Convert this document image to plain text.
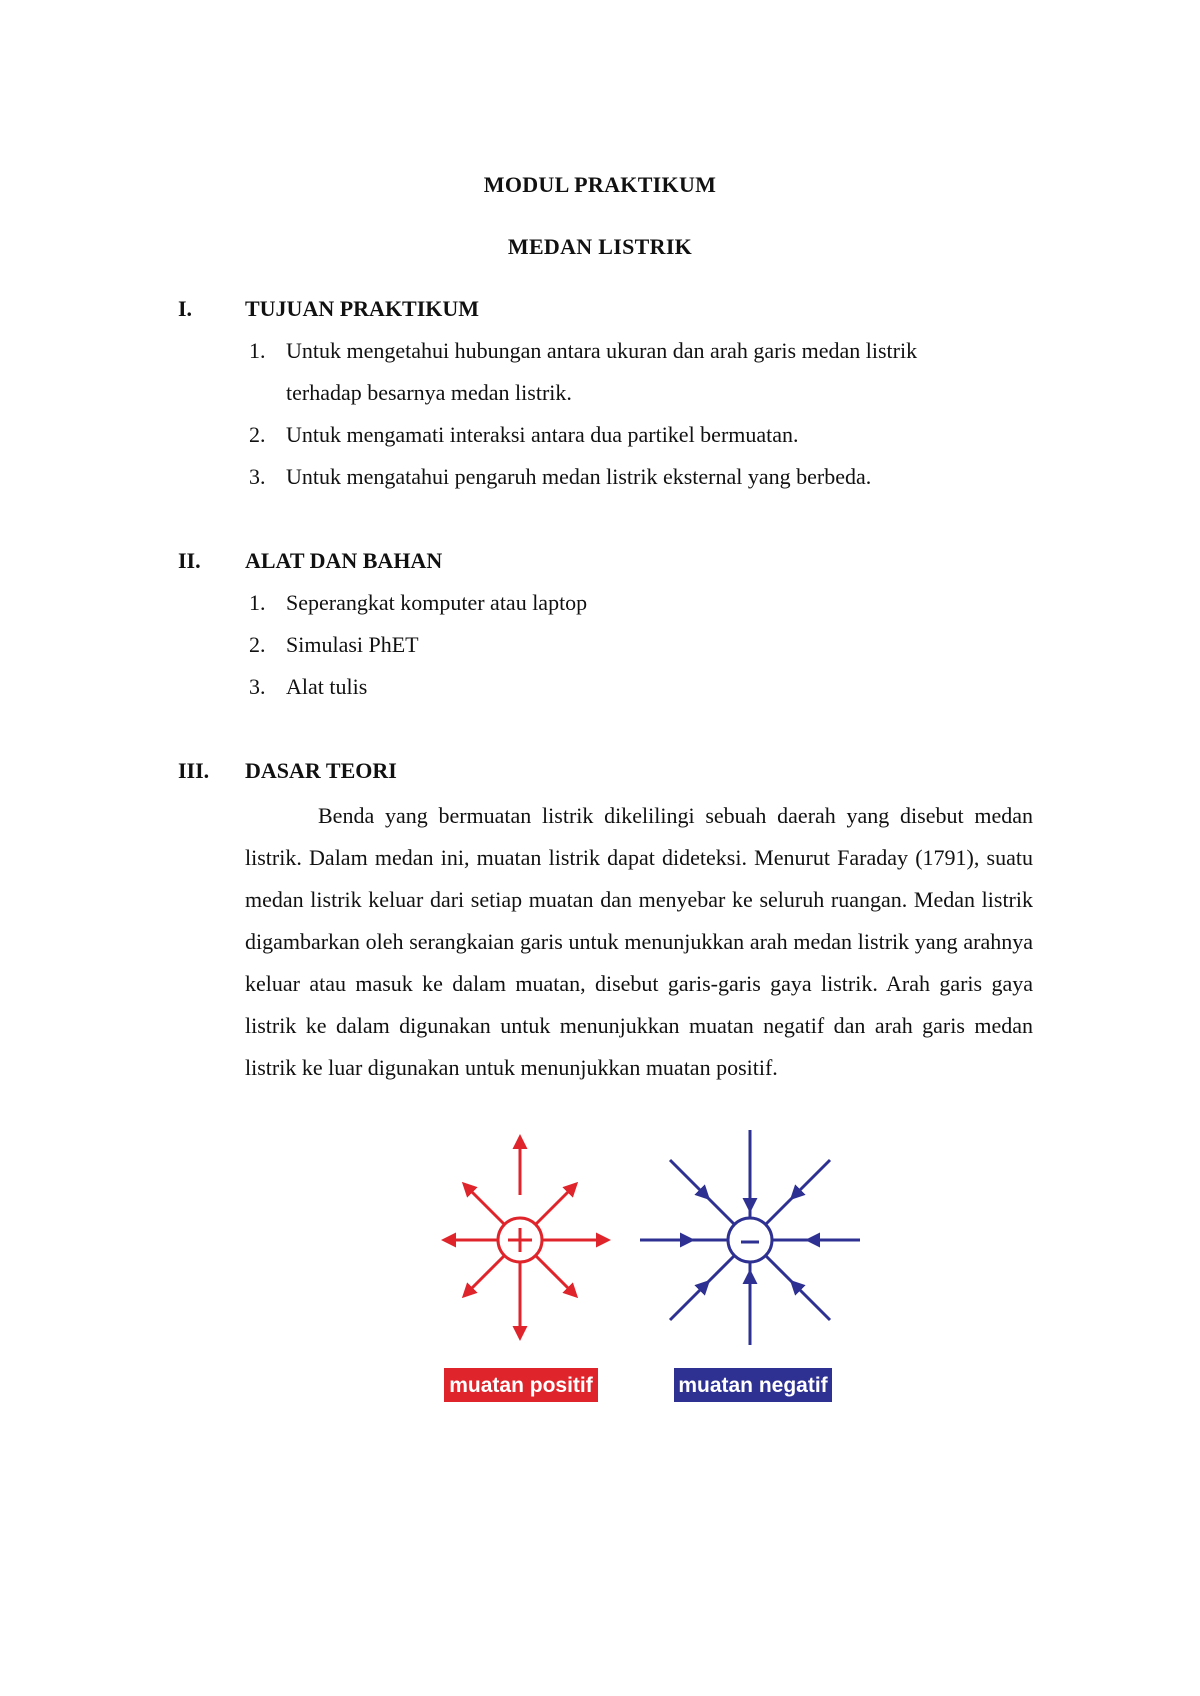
MODUL PRAKTIKUM
MEDAN LISTRIK
I. TUJUAN PRAKTIKUM
1. Untuk mengetahui hubungan antara ukuran dan arah garis medan listrik
terhadap besarnya medan listrik.
2. Untuk mengamati interaksi antara dua partikel bermuatan.
3. Untuk mengatahui pengaruh medan listrik eksternal yang berbeda.
II. ALAT DAN BAHAN
1. Seperangkat komputer atau laptop
2. Simulasi PhET
3. Alat tulis
III. DASAR TEORI

Benda yang bermuatan listrik dikelilingi sebuah daerah yang disebut medan listrik. Dalam medan ini, muatan listrik dapat dideteksi. Menurut Faraday (1791), suatu medan listrik keluar dari setiap muatan dan menyebar ke seluruh ruangan. Medan listrik digambarkan oleh serangkaian garis untuk menunjukkan arah medan listrik yang arahnya keluar atau masuk ke dalam muatan, disebut garis-garis gaya listrik. Arah garis gaya listrik ke dalam digunakan untuk menunjukkan muatan negatif dan arah garis medan listrik ke luar digunakan untuk menunjukkan muatan positif.

muatan positif	muatan negatif
